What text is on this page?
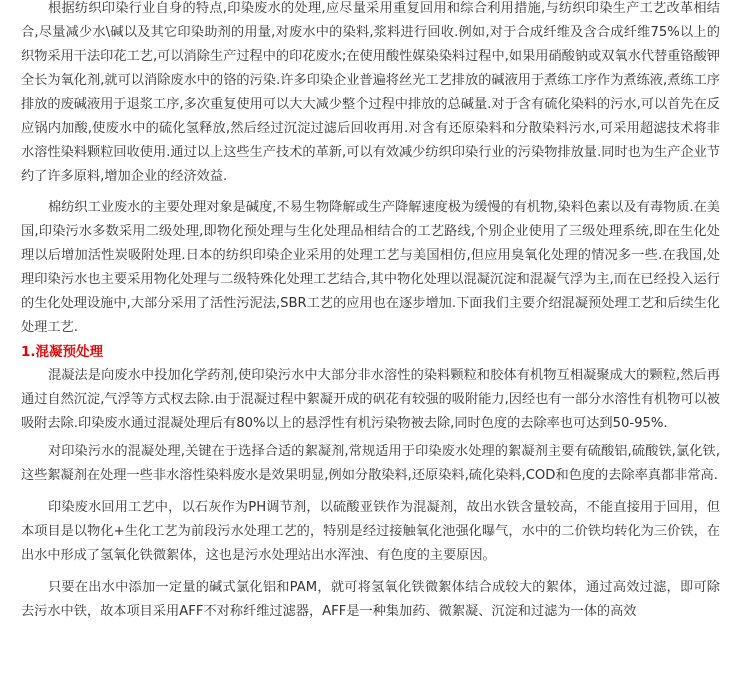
根据纺织印染行业自身的特点,印染废水的处理,应尽量采用重复回用和综合利用措施,与纺织印染生产工艺改革相结合,尽量减少水\碱以及其它印染助剂的用量,对废水中的染料,浆料进行回收.例如,对于合成纤维及含合成纤维75%以上的织物采用干法印花工艺,可以消除生产过程中的印花废水;在使用酸性媒染染料过程中,如果用硝酸钠或双氧水代替重铬酸钾全长为氧化剂,就可以消除废水中的铬的污染.许多印染企业普遍将丝光工艺排放的碱液用于煮练工序作为煮练液,煮练工序排放的废碱液用于退浆工序,多次重复使用可以大大减少整个过程中排放的总碱量.对于含有硫化染料的污水,可以首先在反应锅内加酸,使废水中的硫化氢释放,然后经过沉淀过滤后回收再用.对含有还原染料和分散染料污水,可采用超滤技术将非水溶性染料颗粒回收使用.通过以上这些生产技术的革新,可以有效减少纺织印染行业的污染物排放量.同时也为生产企业节约了许多原料,增加企业的经济效益.

棉纺织工业废水的主要处理对象是碱度,不易生物降解或生产降解速度极为缓慢的有机物,染料色素以及有毒物质.在美国,印染污水多数采用二级处理,即物化预处理与生化处理品相结合的工艺路线,个别企业使用了三级处理系统,即在生化处理以后增加活性炭吸附处理.日本的纺织印染企业采用的处理工艺与美国相仿,但应用臭氧化处理的情况多一些.在我国,处理印染污水也主要采用物化处理与二级特殊化处理工艺结合,其中物化处理以混凝沉淀和混凝气浮为主,而在已经投入运行的生化处理设施中,大部分采用了活性污泥法,SBR工艺的应用也在逐步增加.下面我们主要介绍混凝预处理工艺和后续生化处理工艺.

1.混凝预处理

混凝法是向废水中投加化学药剂,使印染污水中大部分非水溶性的染料颗粒和胶体有机物互相凝聚成大的颗粒,然后再通过自然沉淀,气浮等方式杈去除.由于混凝过程中絮凝开成的矾花有较强的吸附能力,因经也有一部分水溶性有机物可以被吸附去除.印染废水通过混凝处理后有80%以上的悬浮性有机污染物被去除,同时色度的去除率也可达到50-95%.

对印染污水的混凝处理,关键在于选择合适的絮凝剂,常规适用于印染废水处理的絮凝剂主要有硫酸铝,硫酸铁,氯化铁,这些絮凝剂在处理一些非水溶性染料废水是效果明显,例如分散染料,还原染料,硫化染料,COD和色度的去除率真都非常高.

印染废水回用工艺中，以石灰作为PH调节剂，以硫酸亚铁作为混凝剂，故出水铁含量较高，不能直接用于回用，但本项目是以物化+生化工艺为前段污水处理工艺的，特别是经过接触氧化池强化曝气，水中的二价铁均转化为三价铁，在出水中形成了氢氧化铁微絮体，这也是污水处理站出水浑浊、有色度的主要原因。

只要在出水中添加一定量的碱式氯化铝和PAM，就可将氢氧化铁微絮体结合成较大的絮体，通过高效过滤，即可除去污水中铁，故本项目采用AFF不对称纤维过滤器，AFF是一种集加药、微絮凝、沉淀和过滤为一体的高效
